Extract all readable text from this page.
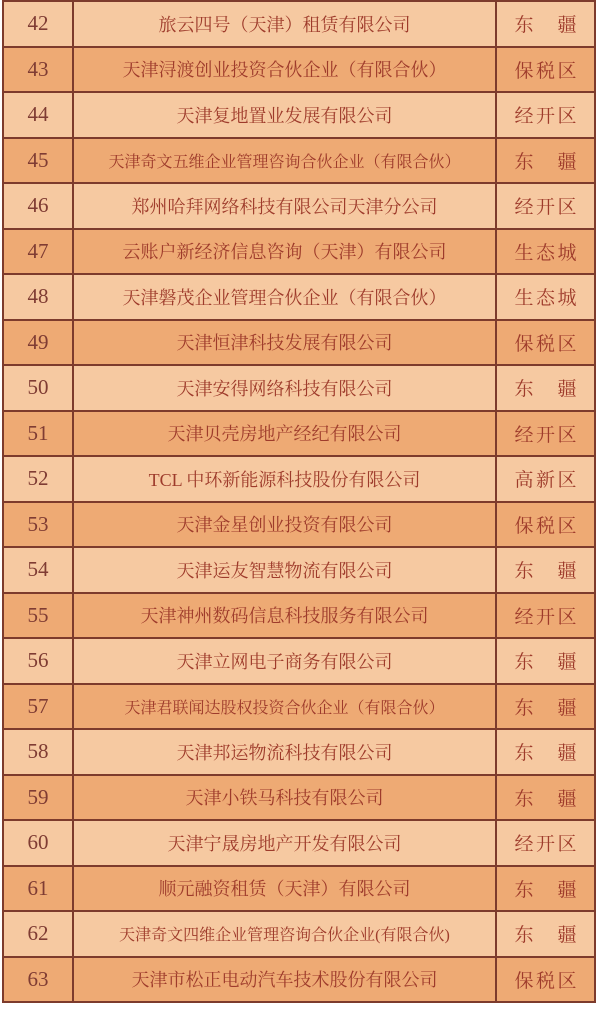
42	旅云四号（天津）租赁有限公司	东疆
43	天津浔渡创业投资合伙企业（有限合伙）	保税区
44	天津复地置业发展有限公司	经开区
45	天津奇文五维企业管理咨询合伙企业（有限合伙）	东疆
46	郑州哈拜网络科技有限公司天津分公司	经开区
47	云账户新经济信息咨询（天津）有限公司	生态城
48	天津磐茂企业管理合伙企业（有限合伙）	生态城
49	天津恒津科技发展有限公司	保税区
50	天津安得网络科技有限公司	东疆
51	天津贝壳房地产经纪有限公司	经开区
52	TCL 中环新能源科技股份有限公司	高新区
53	天津金星创业投资有限公司	保税区
54	天津运友智慧物流有限公司	东疆
55	天津神州数码信息科技服务有限公司	经开区
56	天津立网电子商务有限公司	东疆
57	天津君联闻达股权投资合伙企业（有限合伙）	东疆
58	天津邦运物流科技有限公司	东疆
59	天津小铁马科技有限公司	东疆
60	天津宁晟房地产开发有限公司	经开区
61	顺元融资租赁（天津）有限公司	东疆
62	天津奇文四维企业管理咨询合伙企业(有限合伙)	东疆
63	天津市松正电动汽车技术股份有限公司	保税区
